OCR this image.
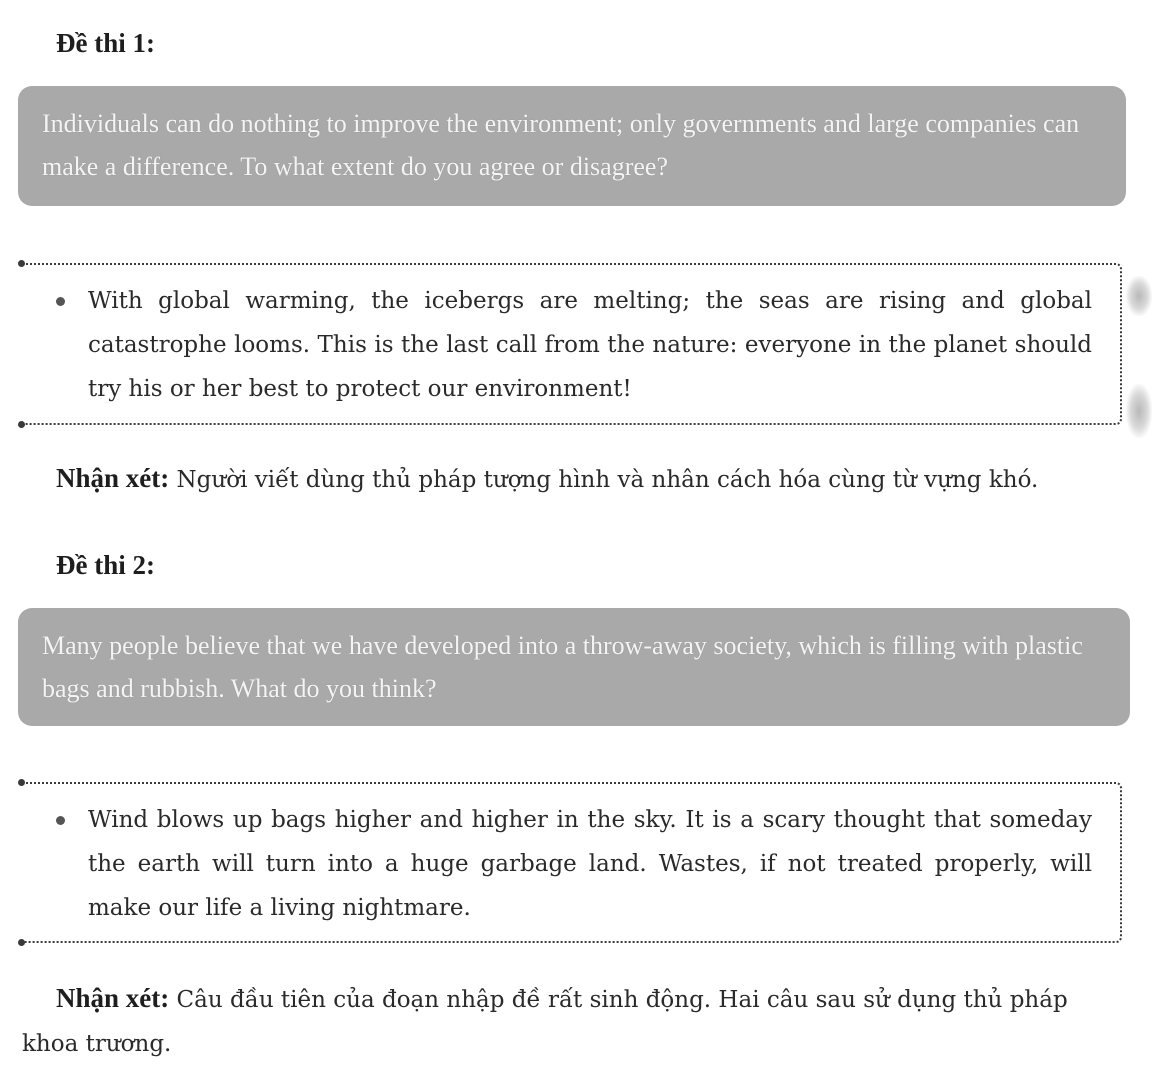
Đề thi 1:
Individuals can do nothing to improve the environment; only governments and large companies can make a difference. To what extent do you agree or disagree?
With global warming, the icebergs are melting; the seas are rising and global catastrophe looms. This is the last call from the nature: everyone in the planet should try his or her best to protect our environment!
Nhận xét: Người viết dùng thủ pháp tượng hình và nhân cách hóa cùng từ vựng khó.
Đề thi 2:
Many people believe that we have developed into a throw-away society, which is filling with plastic bags and rubbish. What do you think?
Wind blows up bags higher and higher in the sky. It is a scary thought that someday the earth will turn into a huge garbage land. Wastes, if not treated properly, will make our life a living nightmare.
Nhận xét: Câu đầu tiên của đoạn nhập đề rất sinh động. Hai câu sau sử dụng thủ pháp khoa trương.
